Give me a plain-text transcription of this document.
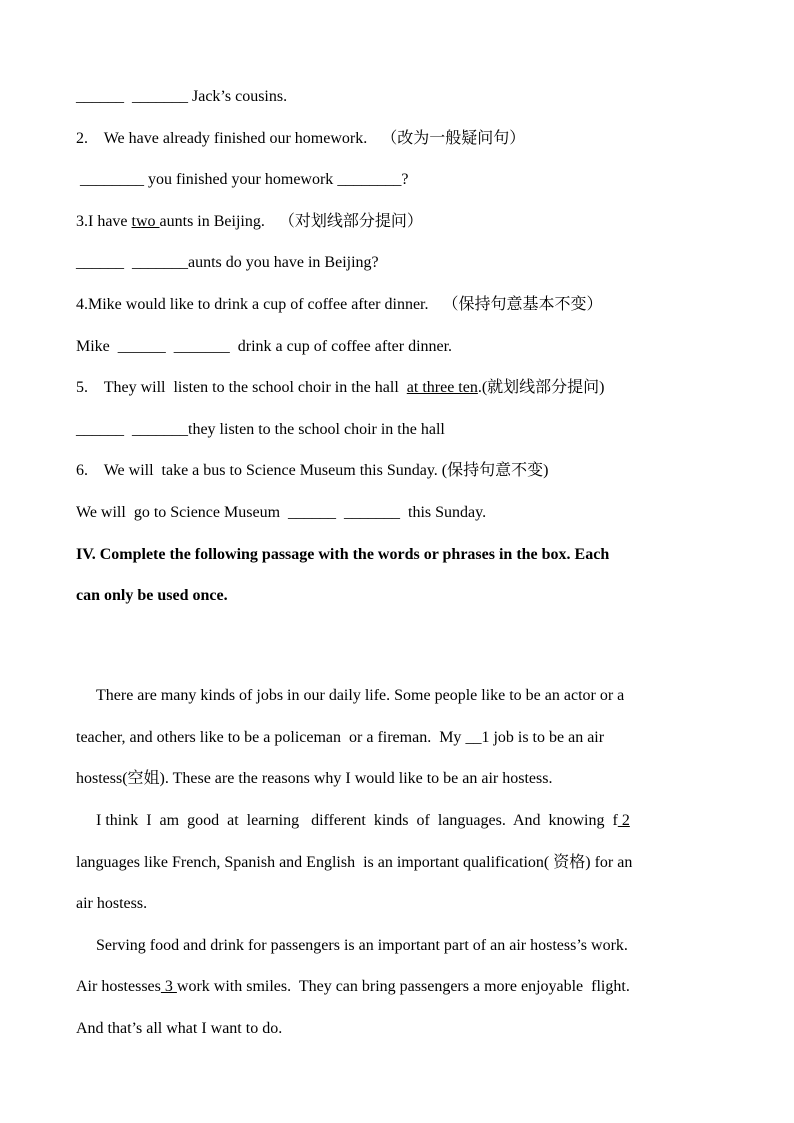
______  _______ Jack’s cousins.
2.    We have already finished our homework. （改为一般疑问句）
________ you finished your homework ________?
3.I have two aunts in Beijing. （对划线部分提问）
______  _______aunts do you have in Beijing?
4.Mike would like to drink a cup of coffee after dinner. （保持句意基本不变）
Mike  ______  _______  drink a cup of coffee after dinner.
5.    They will  listen to the school choir in the hall  at three ten.(就划线部分提问)
______  _______they listen to the school choir in the hall
6.    We will  take a bus to Science Museum this Sunday. (保持句意不变)
We will  go to Science Museum  ______  _______  this Sunday.
IV. Complete the following passage with the words or phrases in the box. Each
can only be used once.
There are many kinds of jobs in our daily life. Some people like to be an actor or a
teacher, and others like to be a policeman  or a fireman.  My __1 job is to be an air
hostess(空姐). These are the reasons why I would like to be an air hostess.
I think  I  am  good  at  learning   different  kinds  of  languages.  And  knowing  f 2
languages like French, Spanish and English  is an important qualification( 资格) for an
air hostess.
Serving food and drink for passengers is an important part of an air hostess’s work.
Air hostesses 3 work with smiles.  They can bring passengers a more enjoyable  flight.
And that’s all what I want to do.
